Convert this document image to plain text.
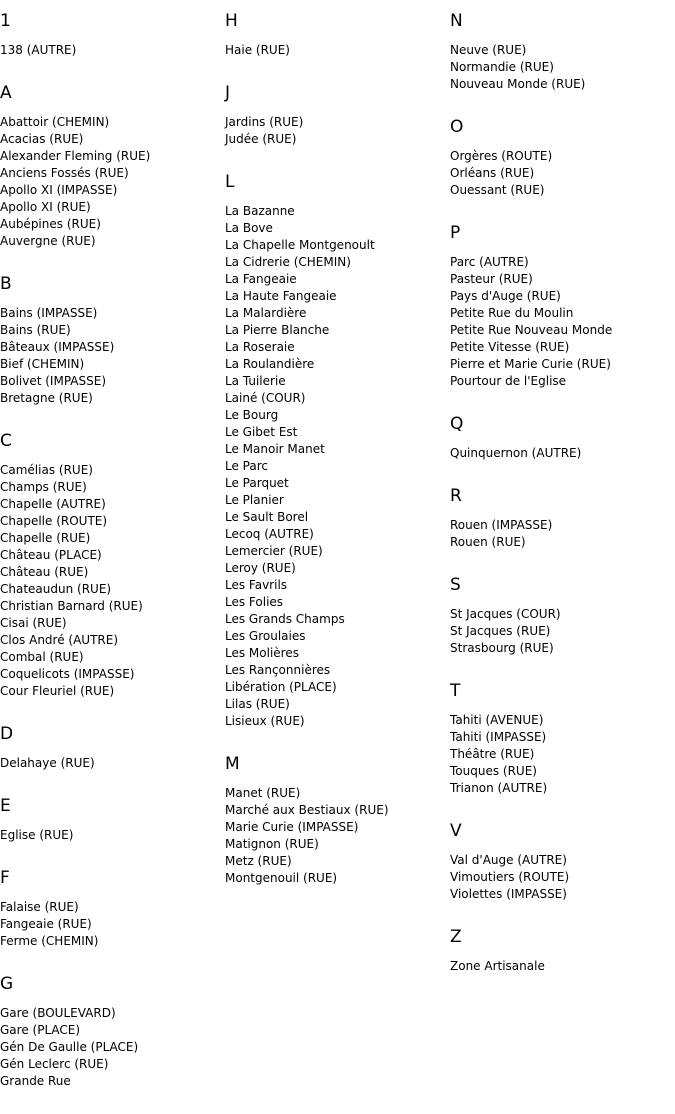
1
138 (AUTRE)
A
Abattoir (CHEMIN)
Acacias (RUE)
Alexander Fleming (RUE)
Anciens Fossés (RUE)
Apollo XI (IMPASSE)
Apollo XI (RUE)
Aubépines (RUE)
Auvergne (RUE)
B
Bains (IMPASSE)
Bains (RUE)
Bâteaux (IMPASSE)
Bief (CHEMIN)
Bolivet (IMPASSE)
Bretagne (RUE)
C
Camélias (RUE)
Champs (RUE)
Chapelle (AUTRE)
Chapelle (ROUTE)
Chapelle (RUE)
Château (PLACE)
Château (RUE)
Chateaudun (RUE)
Christian Barnard (RUE)
Cisai (RUE)
Clos André (AUTRE)
Combal (RUE)
Coquelicots (IMPASSE)
Cour Fleuriel (RUE)
D
Delahaye (RUE)
E
Eglise (RUE)
F
Falaise (RUE)
Fangeaie (RUE)
Ferme (CHEMIN)
G
Gare (BOULEVARD)
Gare (PLACE)
Gén De Gaulle (PLACE)
Gén Leclerc (RUE)
Grande Rue
H
Haie (RUE)
J
Jardins (RUE)
Judée (RUE)
L
La Bazanne
La Bove
La Chapelle Montgenoult
La Cidrerie (CHEMIN)
La Fangeaie
La Haute Fangeaie
La Malardière
La Pierre Blanche
La Roseraie
La Roulandière
La Tuilerie
Lainé (COUR)
Le Bourg
Le Gibet Est
Le Manoir Manet
Le Parc
Le Parquet
Le Planier
Le Sault Borel
Lecoq (AUTRE)
Lemercier (RUE)
Leroy (RUE)
Les Favrils
Les Folies
Les Grands Champs
Les Groulaies
Les Molières
Les Rançonnières
Libération (PLACE)
Lilas (RUE)
Lisieux (RUE)
M
Manet (RUE)
Marché aux Bestiaux (RUE)
Marie Curie (IMPASSE)
Matignon (RUE)
Metz (RUE)
Montgenouil (RUE)
N
Neuve (RUE)
Normandie (RUE)
Nouveau Monde (RUE)
O
Orgères (ROUTE)
Orléans (RUE)
Ouessant (RUE)
P
Parc (AUTRE)
Pasteur (RUE)
Pays d'Auge (RUE)
Petite Rue du Moulin
Petite Rue Nouveau Monde
Petite Vitesse (RUE)
Pierre et Marie Curie (RUE)
Pourtour de l'Eglise
Q
Quinquernon (AUTRE)
R
Rouen (IMPASSE)
Rouen (RUE)
S
St Jacques (COUR)
St Jacques (RUE)
Strasbourg (RUE)
T
Tahiti (AVENUE)
Tahiti (IMPASSE)
Théâtre (RUE)
Touques (RUE)
Trianon (AUTRE)
V
Val d'Auge (AUTRE)
Vimoutiers (ROUTE)
Violettes (IMPASSE)
Z
Zone Artisanale
